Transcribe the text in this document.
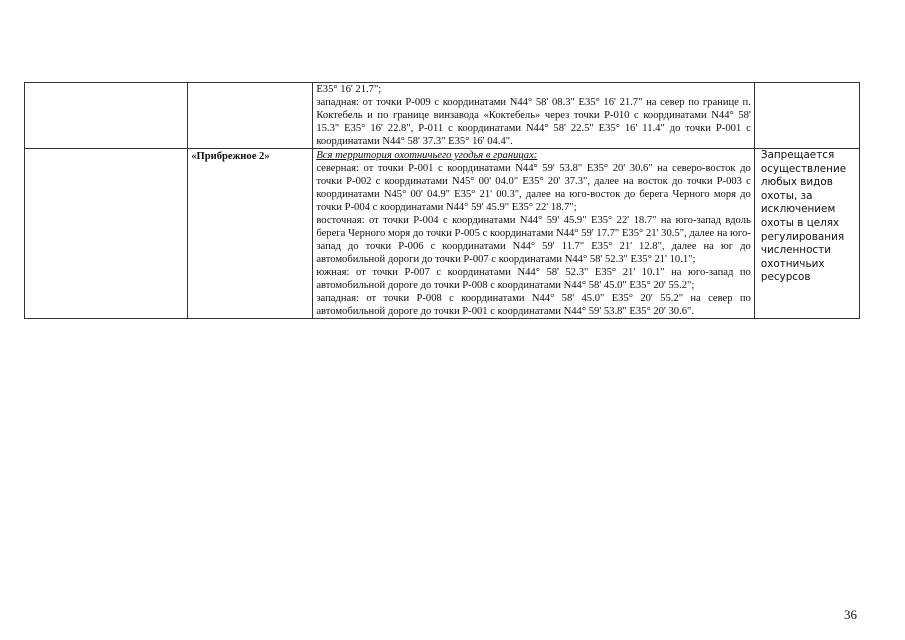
		E35° 16' 21.7";
западная: от точки Р-009 с координатами N44° 58' 08.3" E35° 16' 21.7" на север по границе п. Коктебель и по границе винзавода «Коктебель» через точки Р-010 с координатами N44° 58' 15.3" E35° 16' 22.8", Р-011 с координатами N44° 58' 22.5" E35° 16' 11.4" до точки Р-001 с координатами N44° 58' 37.3" E35° 16' 04.4".	

	«Прибрежное 2»	Вся территория охотничьего угодья в границах:
северная: от точки Р-001 с координатами N44° 59' 53.8" E35° 20' 30.6" на северо-восток до точки Р-002 с координатами N45° 00' 04.0" E35° 20' 37.3", далее на восток до точки Р-003 с координатами N45° 00' 04.9" E35° 21' 00.3", далее на юго-восток до берега Черного моря до точки Р-004 с координатами N44° 59' 45.9" E35° 22' 18.7";
восточная: от точки Р-004 с координатами N44° 59' 45.9" E35° 22' 18.7" на юго-запад вдоль берега Черного моря до точки Р-005 с координатами N44° 59' 17.7" E35° 21' 30.5", далее на юго-запад до точки Р-006 с координатами N44° 59' 11.7" E35° 21' 12.8", далее на юг до автомобильной дороги до точки Р-007 с координатами N44° 58' 52.3" E35° 21' 10.1";
южная: от точки Р-007 с координатами N44° 58' 52.3" E35° 21' 10.1" на юго-запад по автомобильной дороге до точки Р-008 с координатами N44° 58' 45.0" E35° 20' 55.2";
западная: от точки Р-008 с координатами N44° 58' 45.0" E35° 20' 55.2" на север по автомобильной дороге до точки Р-001 с координатами N44° 59' 53.8" E35° 20' 30.6".	Запрещается осуществление любых видов охоты, за исключением охоты в целях регулирования численности охотничьих ресурсов
36
